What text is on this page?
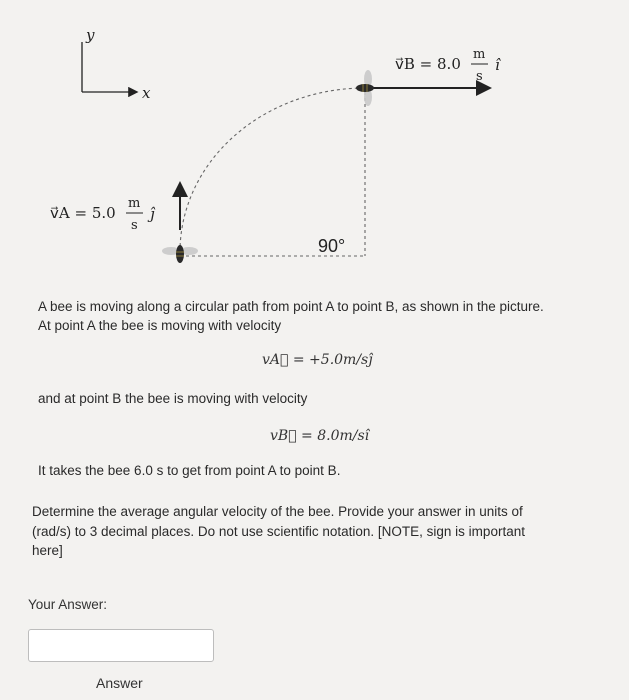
y
x
v⃗A = 5.0
m
s
ĵ
v⃗B = 8.0
m
s
î
90°

A bee is moving along a circular path from point A to point B, as shown in the picture.

At point A the bee is moving with velocity

vA⃗ = +5.0m/sĵ

and at point B the bee is moving with velocity

vB⃗ = 8.0m/sî

It takes the bee 6.0 s to get from point A to point B.

Determine the average angular velocity of the bee. Provide your answer in units of

(rad/s) to 3 decimal places. Do not use scientific notation. [NOTE, sign is important

here]

Your Answer:
Answer
